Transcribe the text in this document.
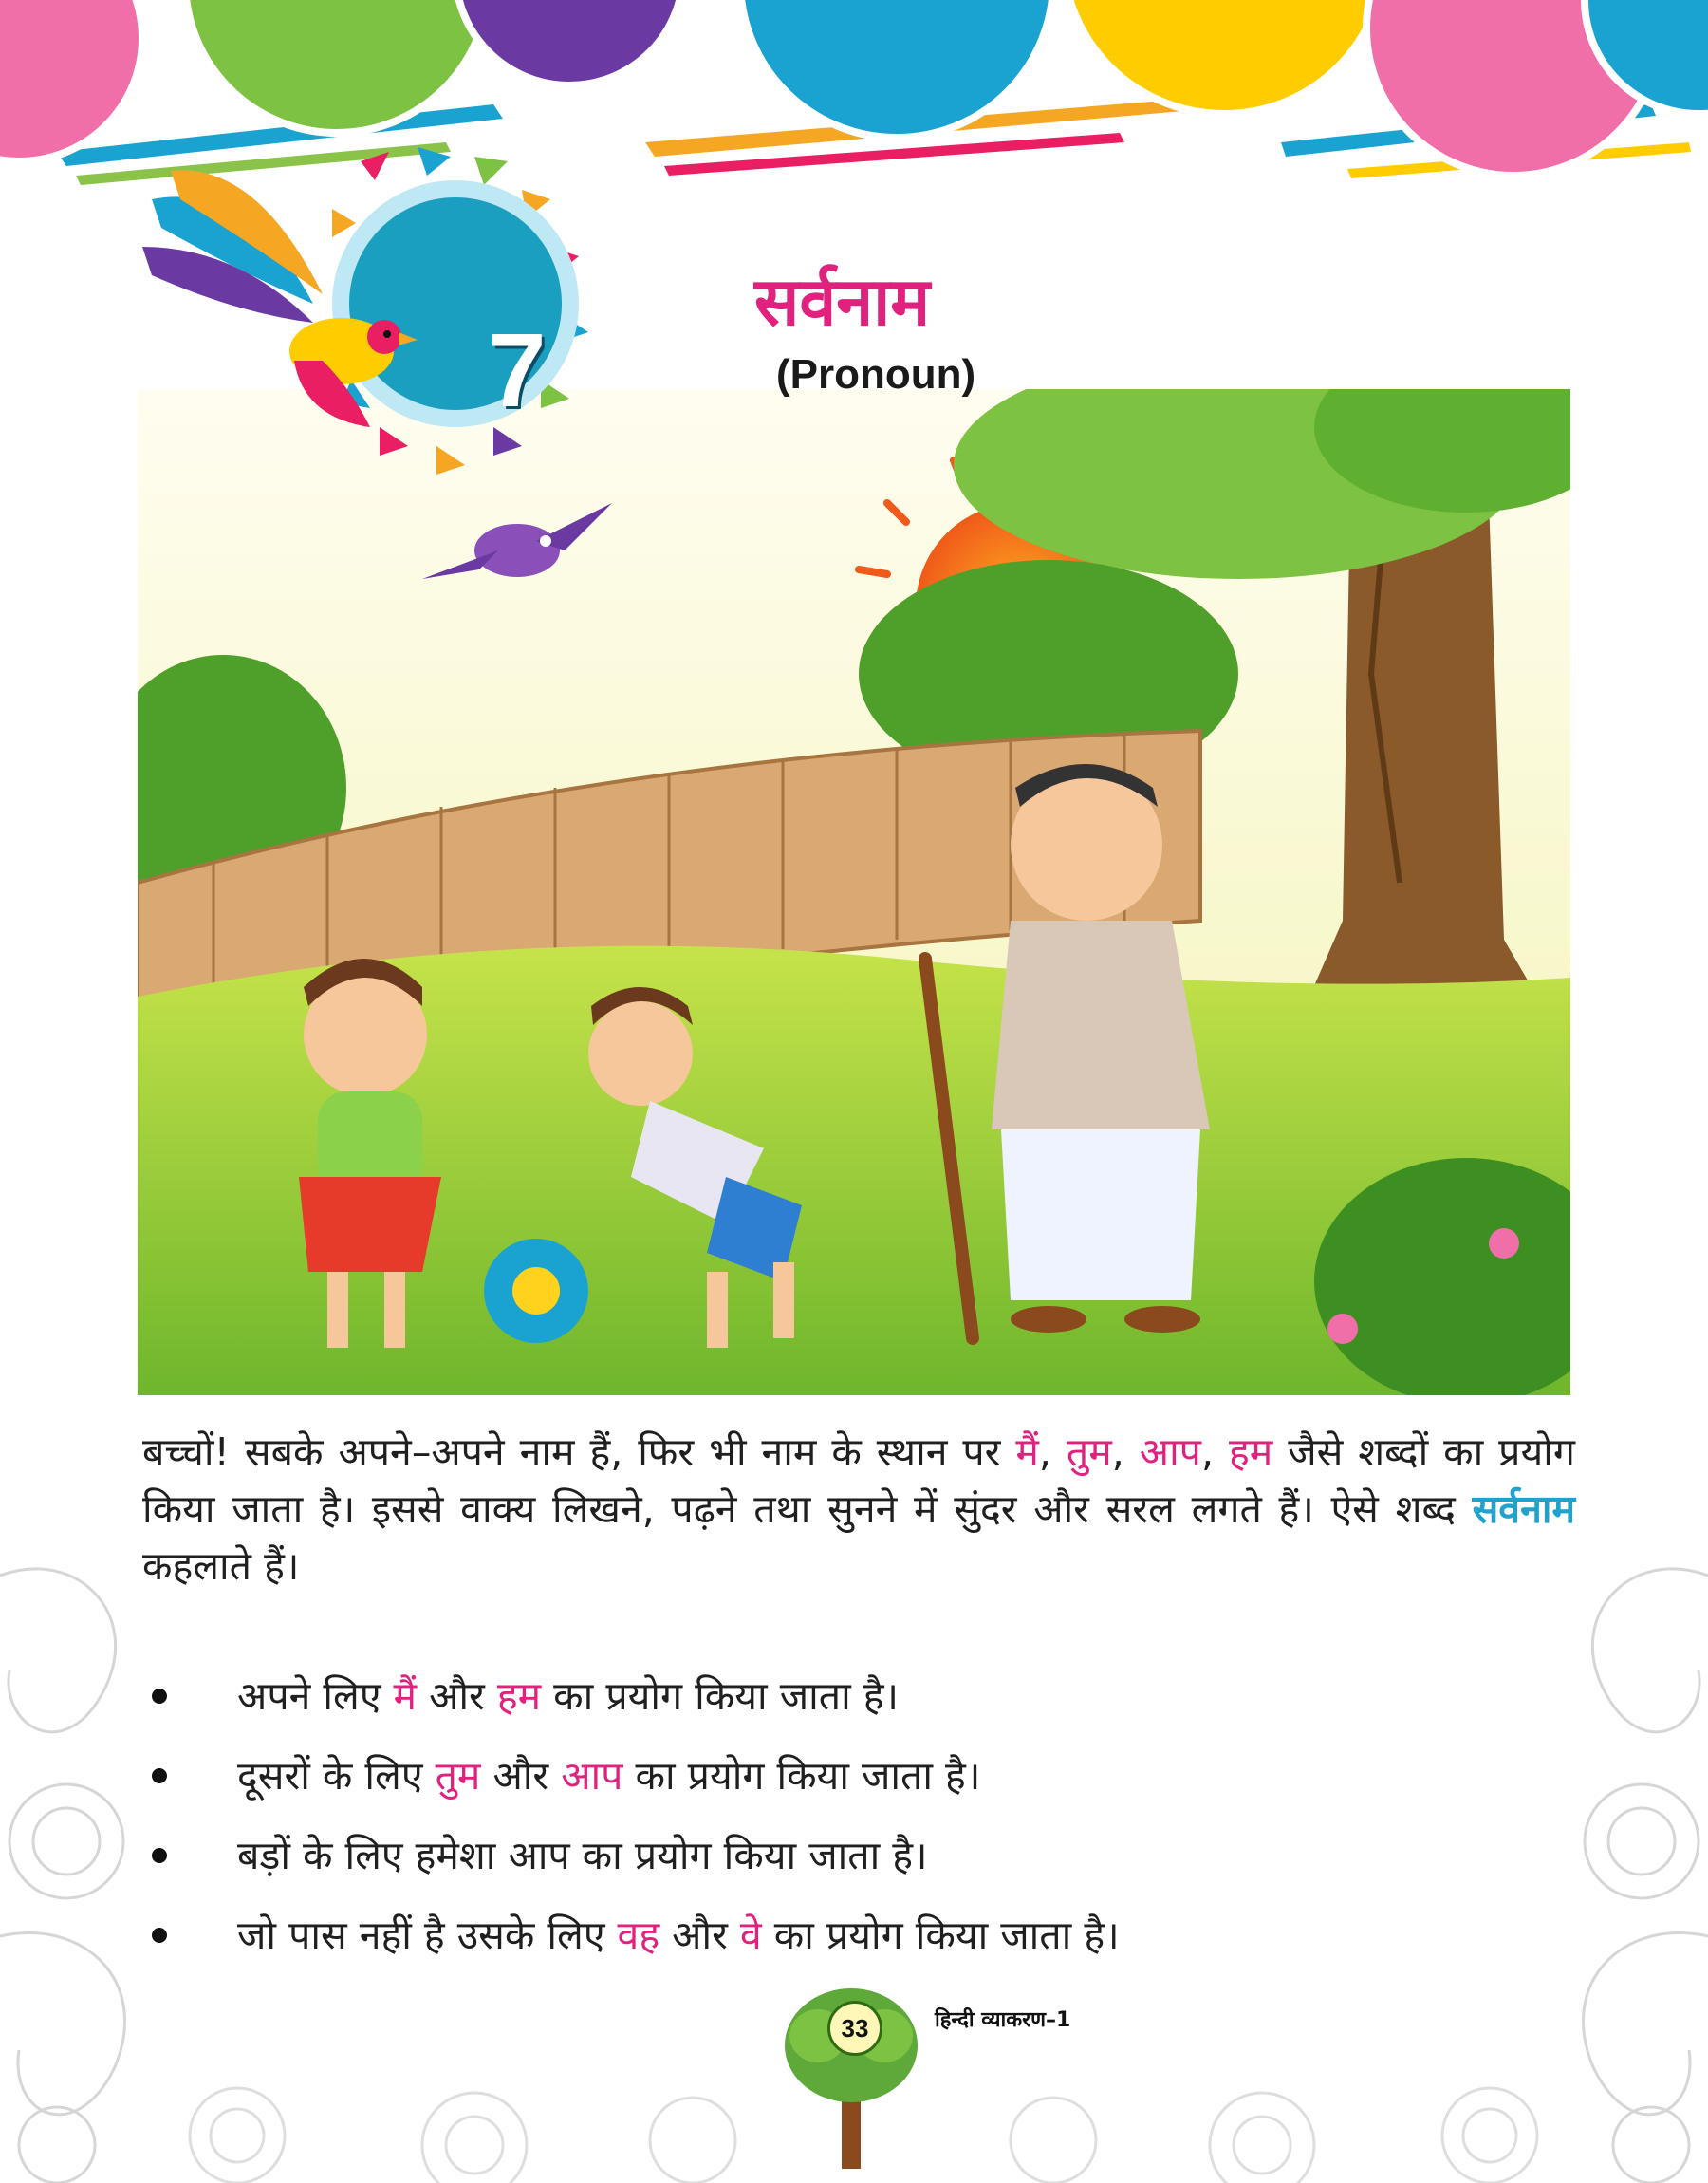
7
सर्वनाम
(Pronoun)
बच्चों! सबके अपने–अपने नाम हैं, फिर भी नाम के स्थान पर मैं, तुम, आप, हम जैसे शब्दों का प्रयोग किया जाता है। इससे वाक्य लिखने, पढ़ने तथा सुनने में सुंदर और सरल लगते हैं। ऐसे शब्द सर्वनाम कहलाते हैं।
अपने लिए मैं और हम का प्रयोग किया जाता है।
दूसरों के लिए तुम और आप का प्रयोग किया जाता है।
बड़ों के लिए हमेशा आप का प्रयोग किया जाता है।
जो पास नहीं है उसके लिए वह और वे का प्रयोग किया जाता है।
33	हिन्दी व्याकरण–1
